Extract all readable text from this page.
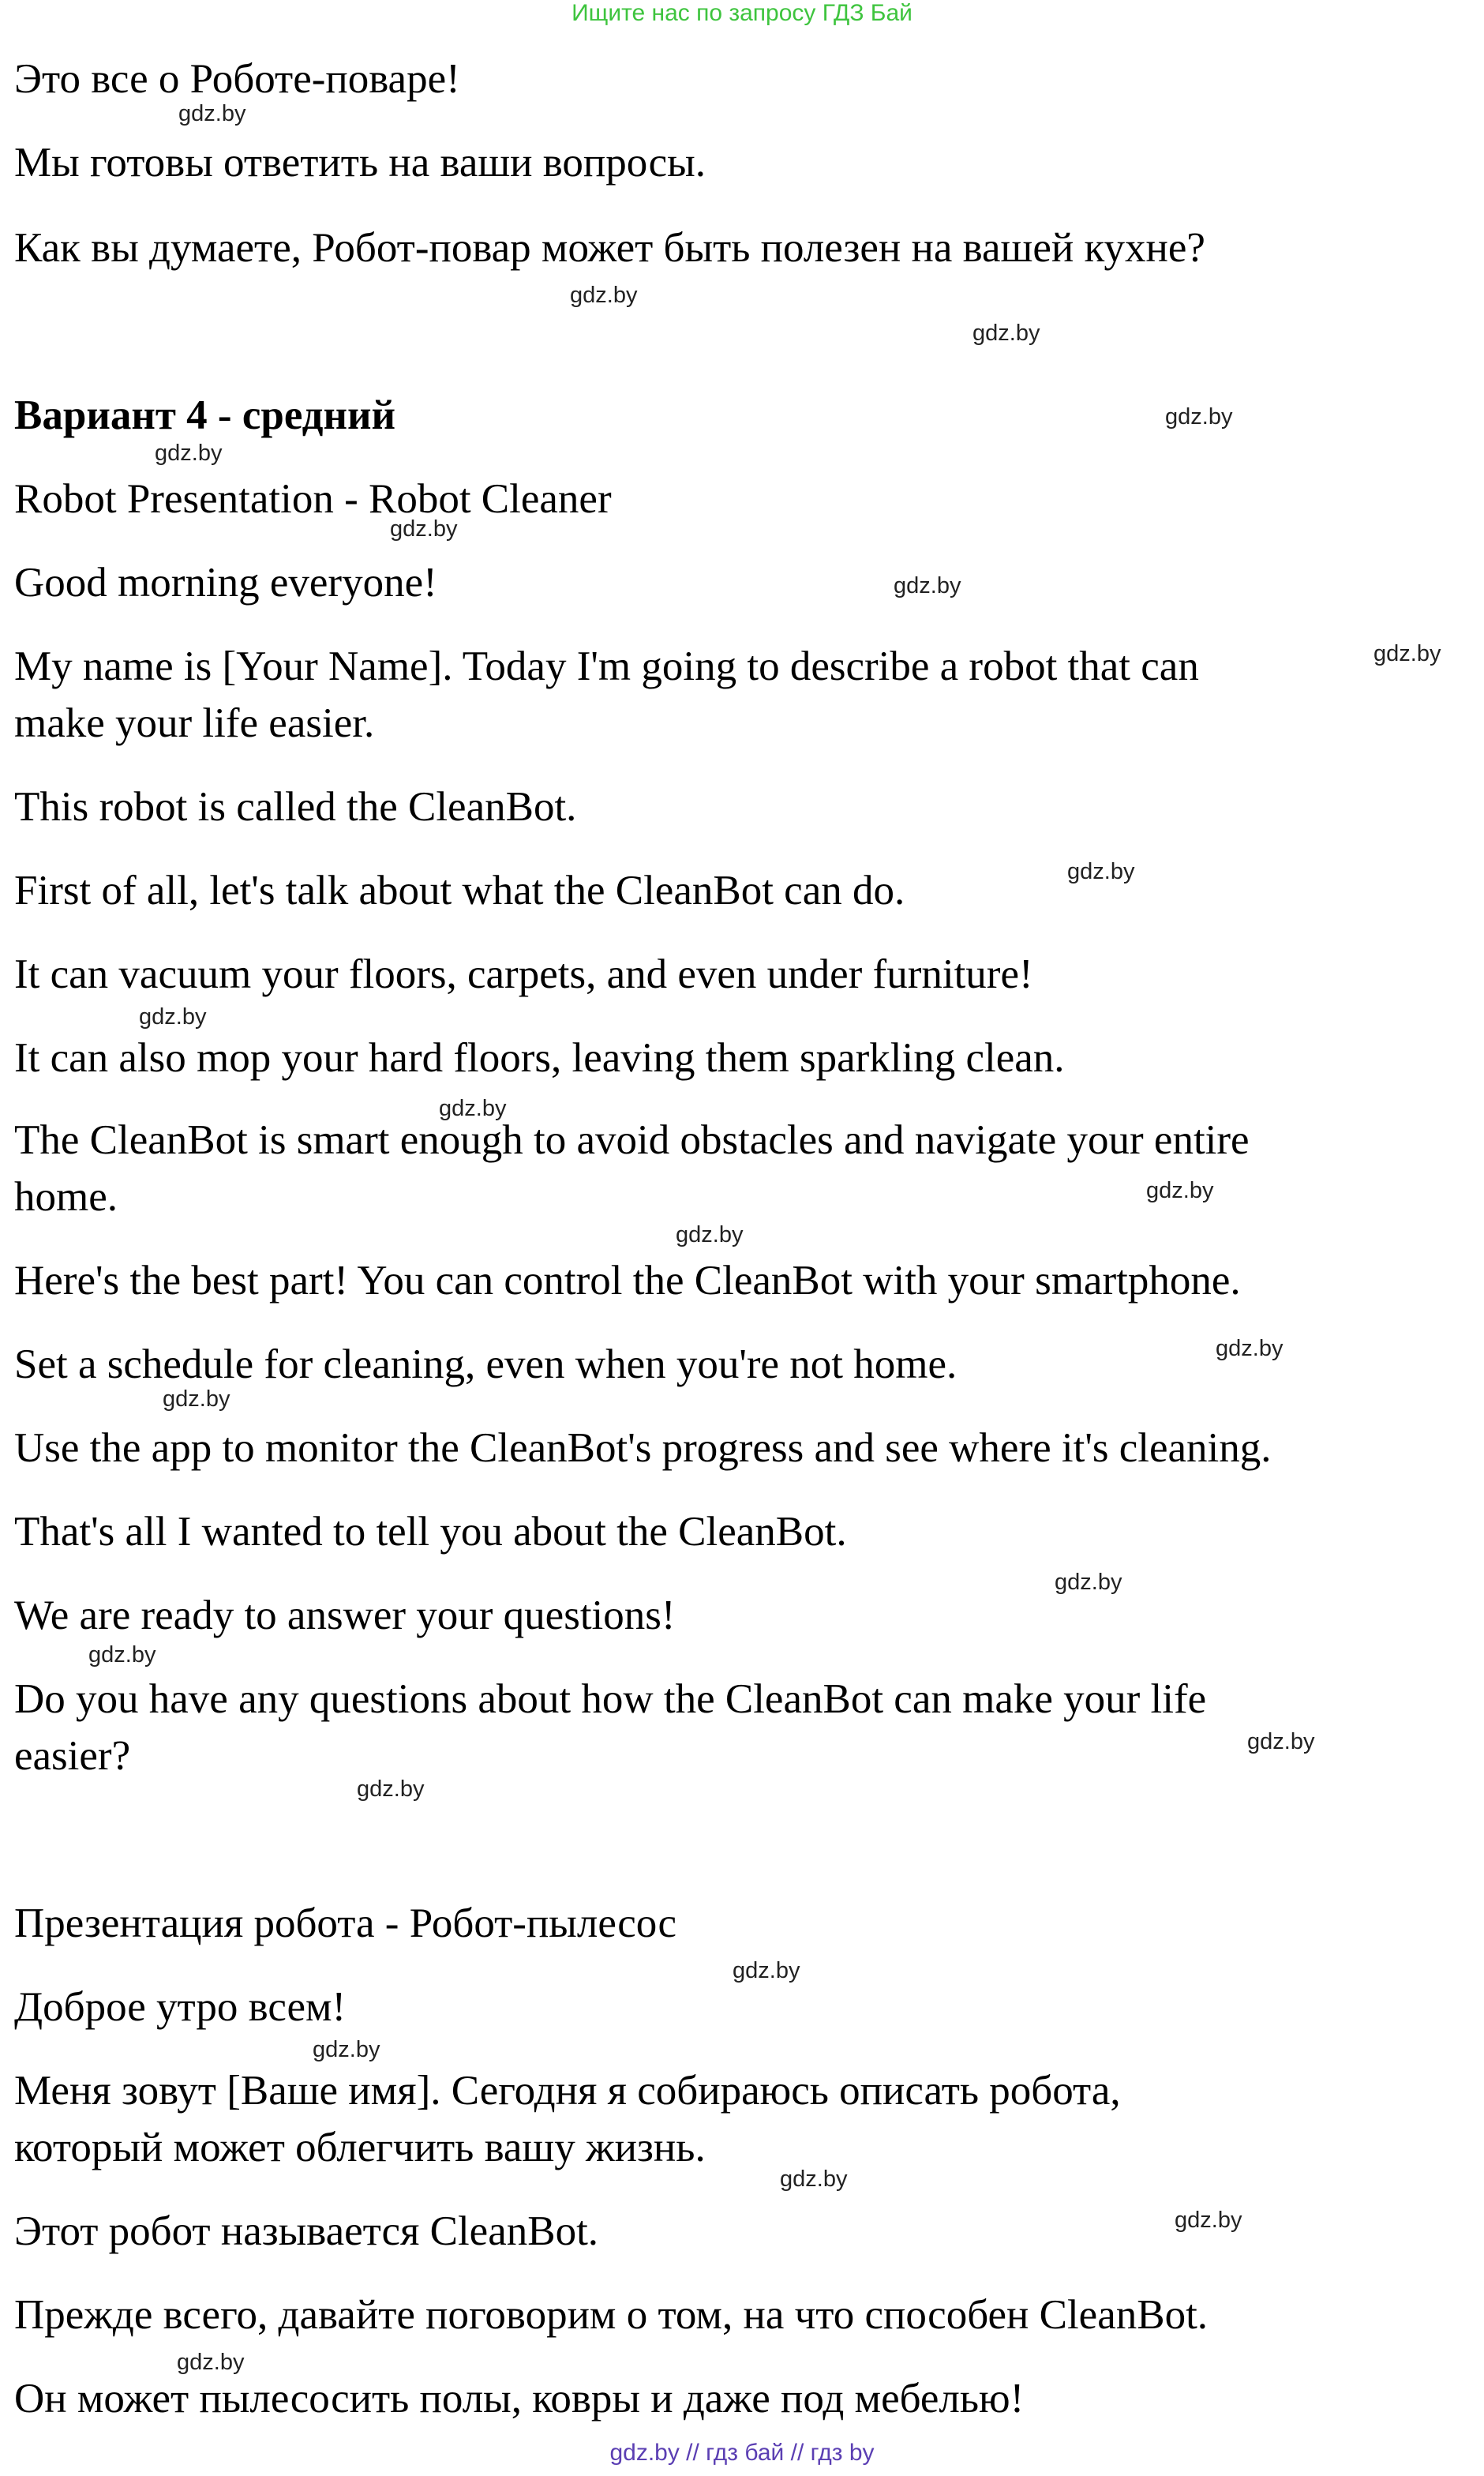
Ищите нас по запросу ГДЗ Бай
Это все о Роботе-поваре!
Мы готовы ответить на ваши вопросы.
Как вы думаете, Робот-повар может быть полезен на вашей кухне?
Вариант 4 - средний
Robot Presentation - Robot Cleaner
Good morning everyone!
My name is [Your Name]. Today I'm going to describe a robot that can
make your life easier.
This robot is called the CleanBot.
First of all, let's talk about what the CleanBot can do.
It can vacuum your floors, carpets, and even under furniture!
It can also mop your hard floors, leaving them sparkling clean.
The CleanBot is smart enough to avoid obstacles and navigate your entire
home.
Here's the best part! You can control the CleanBot with your smartphone.
Set a schedule for cleaning, even when you're not home.
Use the app to monitor the CleanBot's progress and see where it's cleaning.
That's all I wanted to tell you about the CleanBot.
We are ready to answer your questions!
Do you have any questions about how the CleanBot can make your life
easier?
Презентация робота - Робот-пылесос
Доброе утро всем!
Меня зовут [Ваше имя]. Сегодня я собираюсь описать робота,
который может облегчить вашу жизнь.
Этот робот называется CleanBot.
Прежде всего, давайте поговорим о том, на что способен CleanBot.
Он может пылесосить полы, ковры и даже под мебелью!
gdz.by
gdz.by
gdz.by
gdz.by
gdz.by
gdz.by
gdz.by
gdz.by
gdz.by
gdz.by
gdz.by
gdz.by
gdz.by
gdz.by
gdz.by
gdz.by
gdz.by
gdz.by
gdz.by
gdz.by
gdz.by
gdz.by
gdz.by
gdz.by
gdz.by // гдз бай // гдз by
